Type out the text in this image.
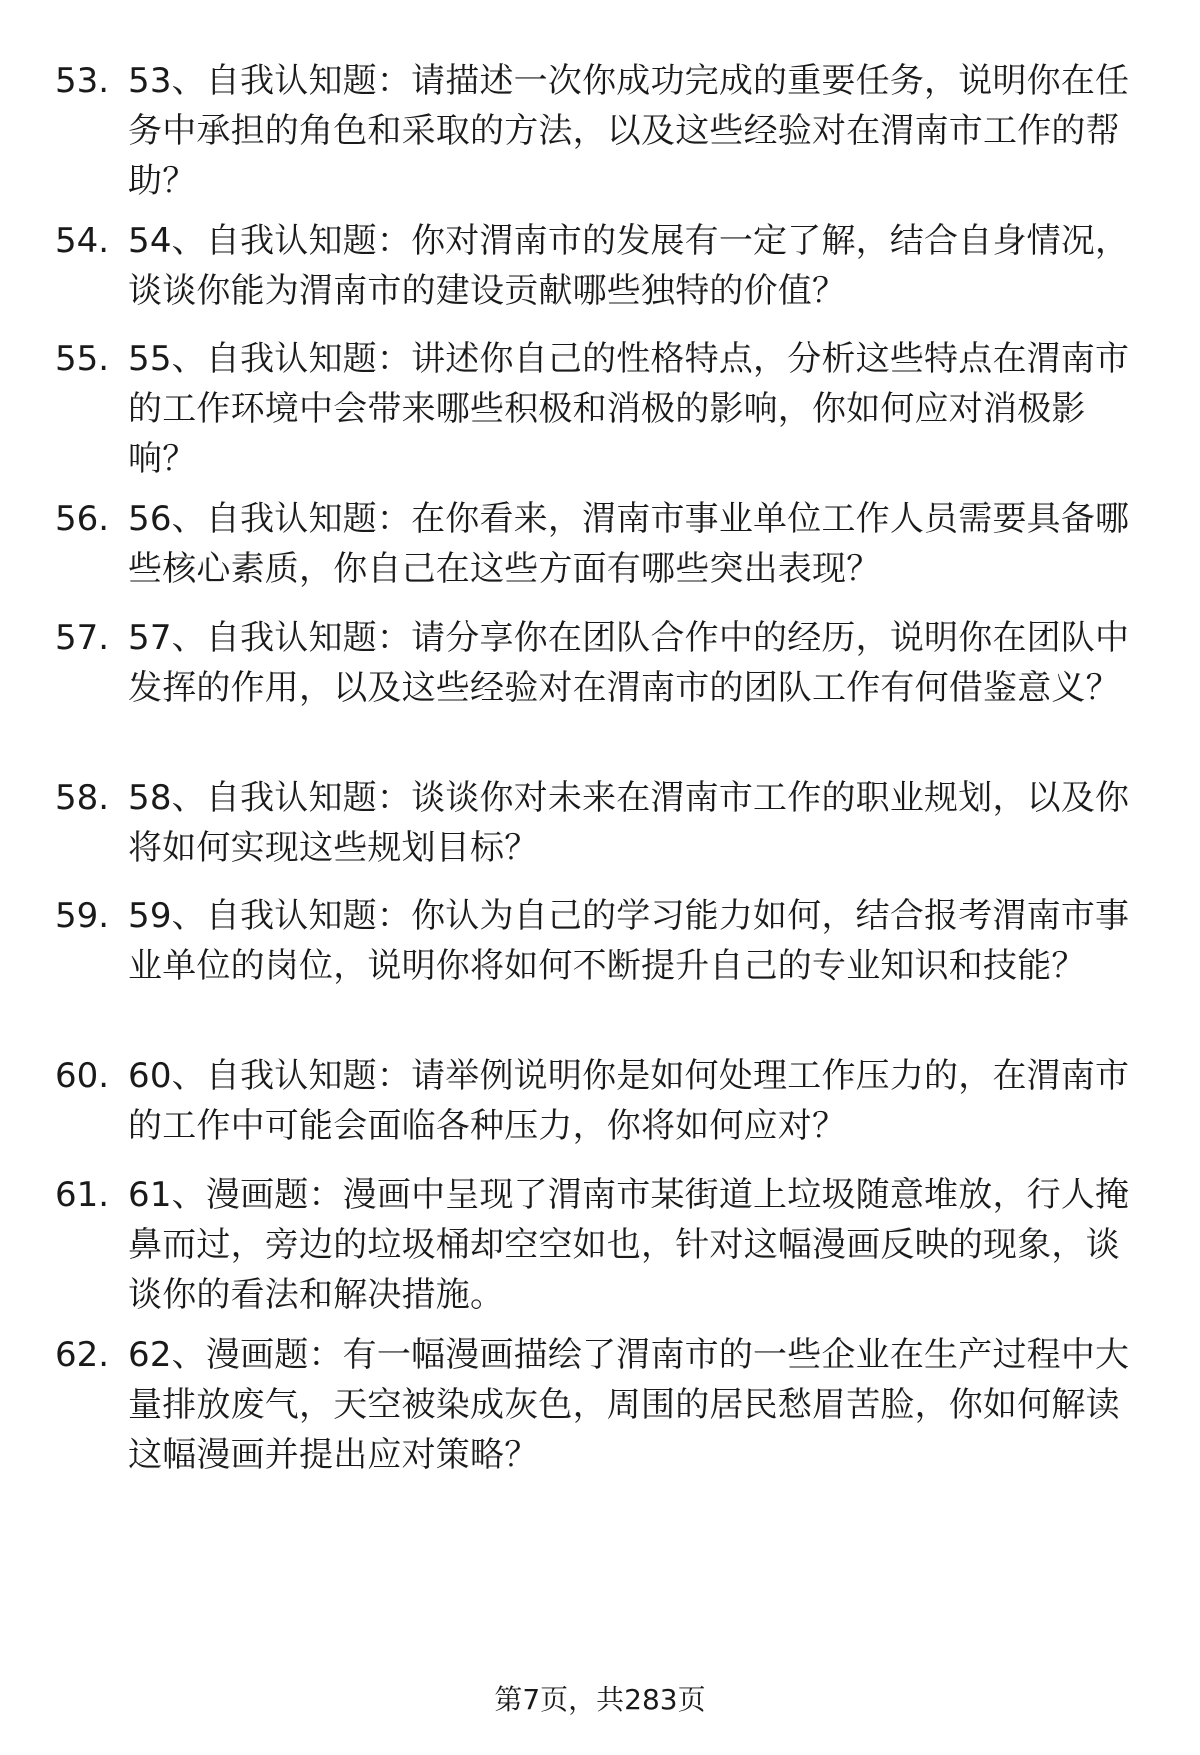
53. 53、自我认知题：请描述一次你成功完成的重要任务，说明你在任务中承担的角色和采取的方法，以及这些经验对在渭南市工作的帮助？
54. 54、自我认知题：你对渭南市的发展有一定了解，结合自身情况，谈谈你能为渭南市的建设贡献哪些独特的价值？
55. 55、自我认知题：讲述你自己的性格特点，分析这些特点在渭南市的工作环境中会带来哪些积极和消极的影响，你如何应对消极影响？
56. 56、自我认知题：在你看来，渭南市事业单位工作人员需要具备哪些核心素质，你自己在这些方面有哪些突出表现？
57. 57、自我认知题：请分享你在团队合作中的经历，说明你在团队中发挥的作用，以及这些经验对在渭南市的团队工作有何借鉴意义？
58. 58、自我认知题：谈谈你对未来在渭南市工作的职业规划，以及你将如何实现这些规划目标？
59. 59、自我认知题：你认为自己的学习能力如何，结合报考渭南市事业单位的岗位，说明你将如何不断提升自己的专业知识和技能？
60. 60、自我认知题：请举例说明你是如何处理工作压力的，在渭南市的工作中可能会面临各种压力，你将如何应对？
61. 61、漫画题：漫画中呈现了渭南市某街道上垃圾随意堆放，行人掩鼻而过，旁边的垃圾桶却空空如也，针对这幅漫画反映的现象，谈谈你的看法和解决措施。
62. 62、漫画题：有一幅漫画描绘了渭南市的一些企业在生产过程中大量排放废气，天空被染成灰色，周围的居民愁眉苦脸，你如何解读这幅漫画并提出应对策略？
第7页，共283页
